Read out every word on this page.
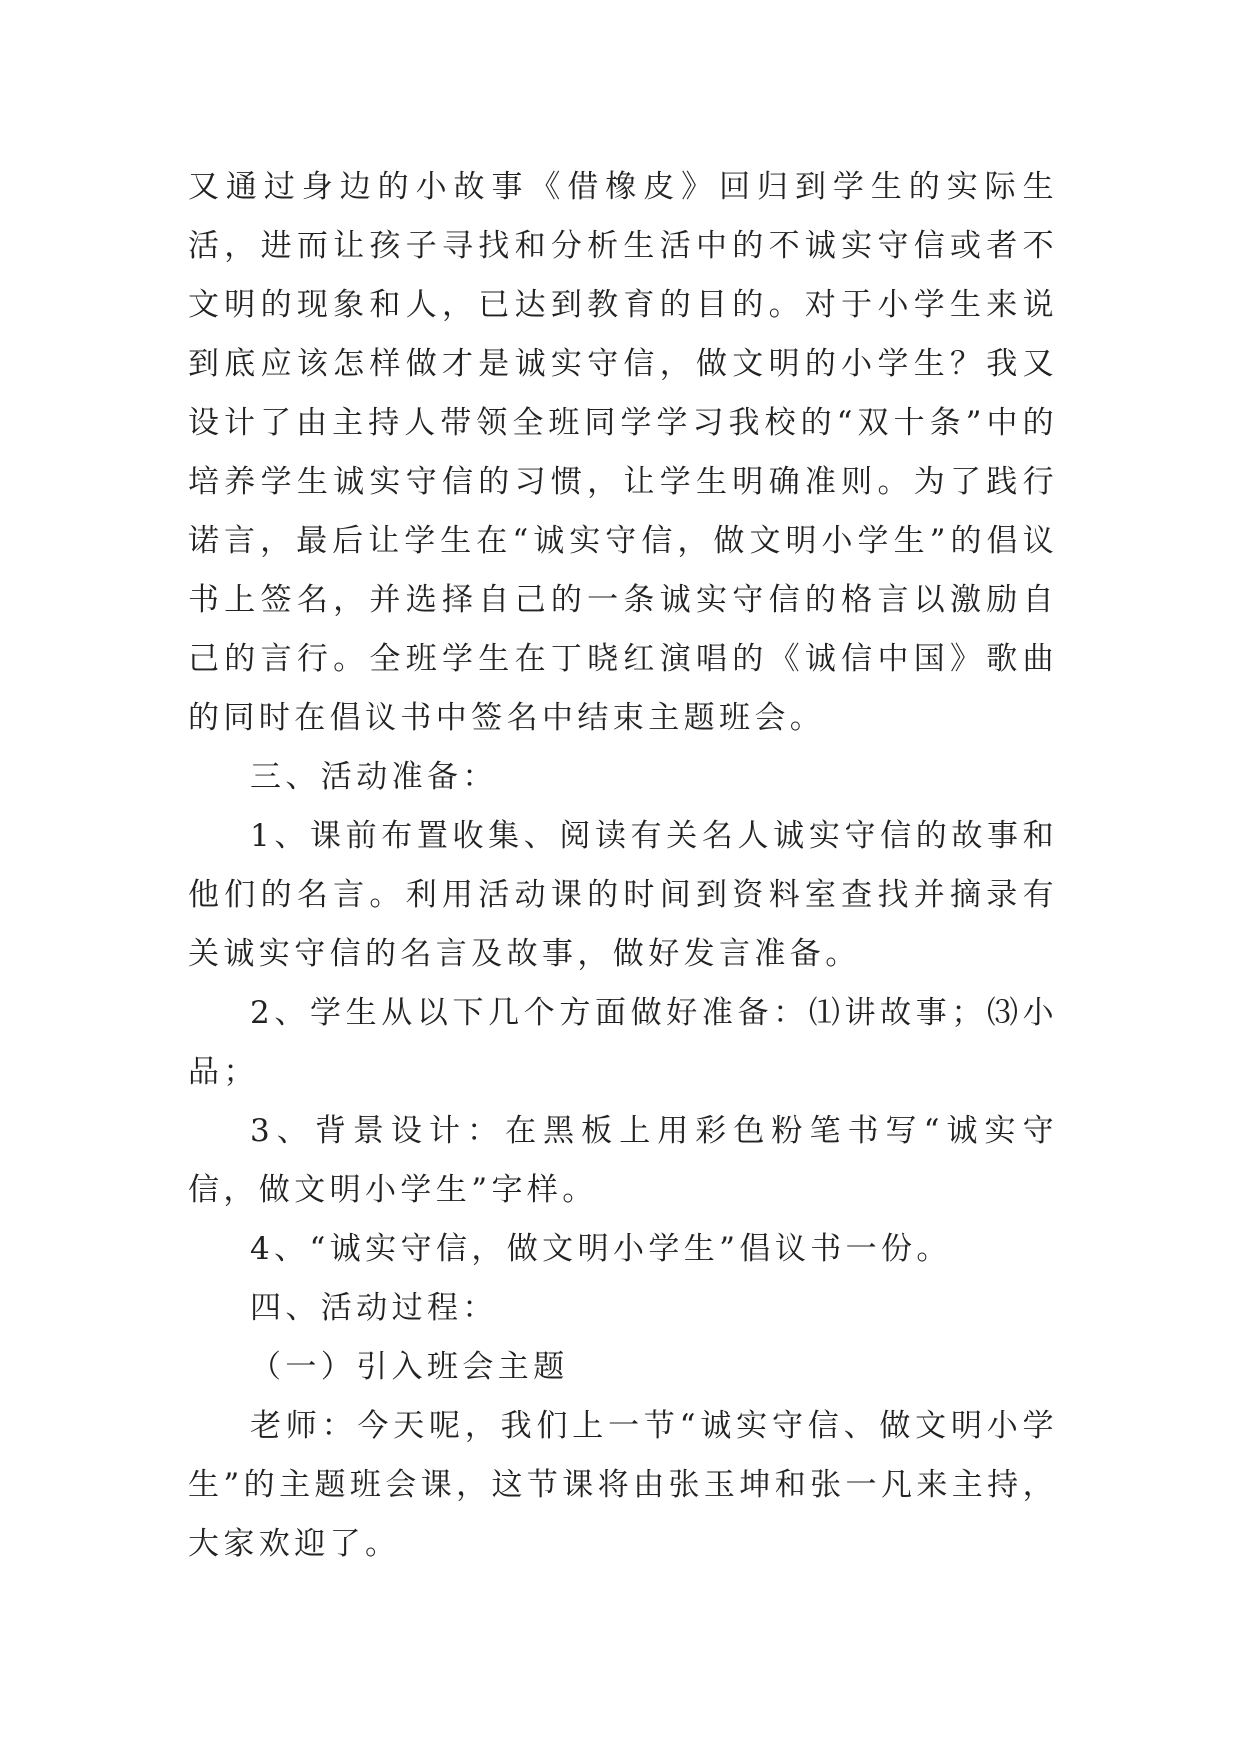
又通过身边的小故事《借橡皮》回归到学生的实际生活，进而让孩子寻找和分析生活中的不诚实守信或者不文明的现象和人，已达到教育的目的。对于小学生来说到底应该怎样做才是诚实守信，做文明的小学生？我又设计了由主持人带领全班同学学习我校的“双十条”中的培养学生诚实守信的习惯，让学生明确准则。为了践行诺言，最后让学生在“诚实守信，做文明小学生”的倡议书上签名，并选择自己的一条诚实守信的格言以激励自己的言行。全班学生在丁晓红演唱的《诚信中国》歌曲的同时在倡议书中签名中结束主题班会。

三、活动准备：

1、课前布置收集、阅读有关名人诚实守信的故事和他们的名言。利用活动课的时间到资料室查找并摘录有关诚实守信的名言及故事，做好发言准备。

2、学生从以下几个方面做好准备：⑴讲故事；⑶小品；

3、背景设计：在黑板上用彩色粉笔书写“诚实守信，做文明小学生”字样。

4、“诚实守信，做文明小学生”倡议书一份。

四、活动过程：

（一）引入班会主题

老师：今天呢，我们上一节“诚实守信、做文明小学生”的主题班会课，这节课将由张玉坤和张一凡来主持，大家欢迎了。
